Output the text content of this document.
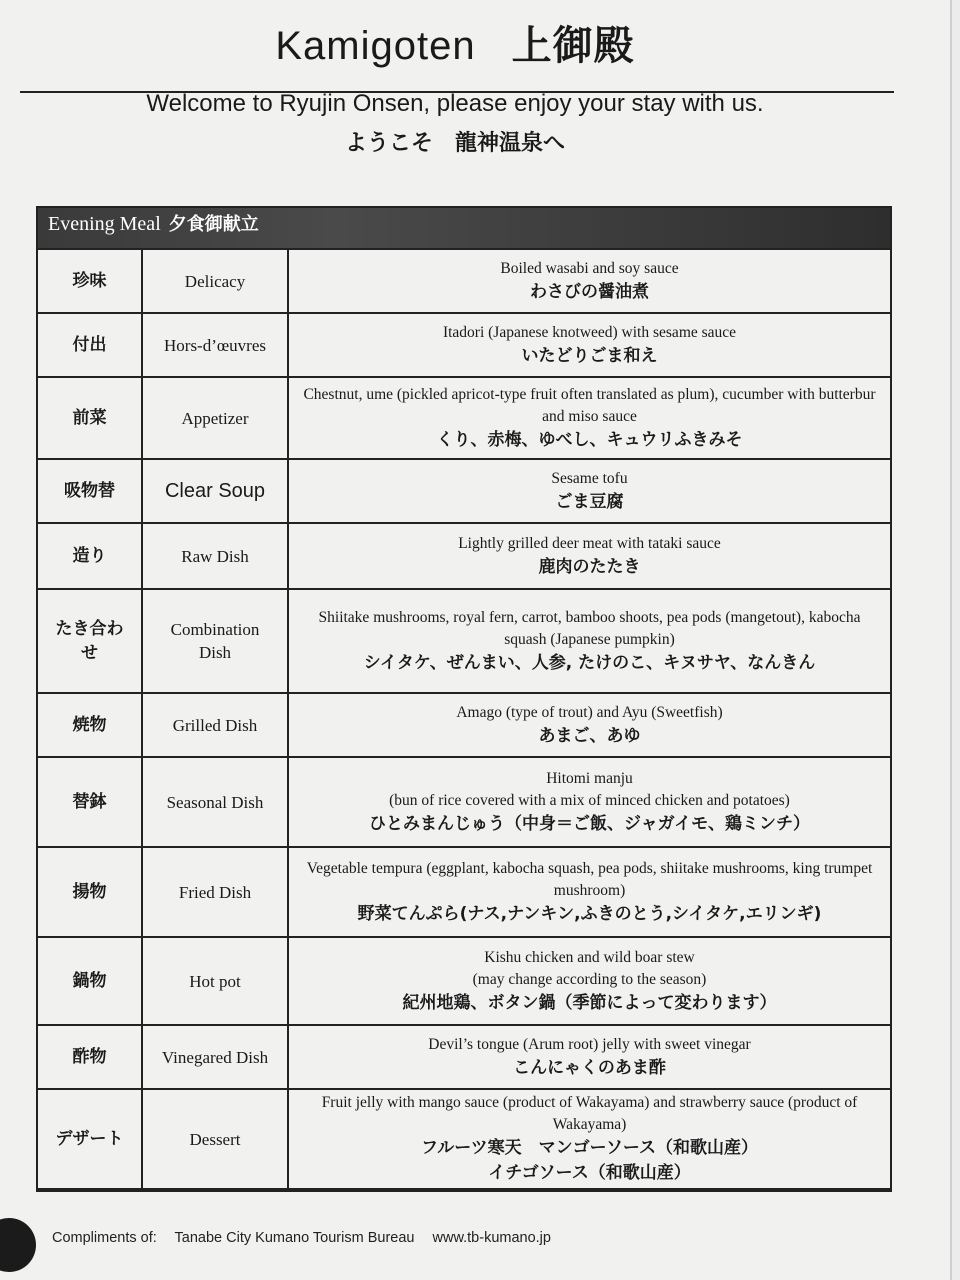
Kamigoten 上御殿
Welcome to Ryujin Onsen, please enjoy your stay with us.
ようこそ　龍神温泉へ
Evening Meal 夕食御献立
珍味	Delicacy	Boiled wasabi and soy sauce
わさびの醤油煮

付出	Hors-d’œuvres	Itadori (Japanese knotweed) with sesame sauce
いたどりごま和え

前菜	Appetizer	Chestnut, ume (pickled apricot-type fruit often translated as plum), cucumber with butterbur and miso sauce
くり、赤梅、ゆべし、キュウリふきみそ

吸物替	Clear Soup	Sesame tofu
ごま豆腐

造り	Raw Dish	Lightly grilled deer meat with tataki sauce
鹿肉のたたき

たき合わせ	Combination Dish	Shiitake mushrooms, royal fern, carrot, bamboo shoots, pea pods (mangetout), kabocha squash (Japanese pumpkin)
シイタケ、ぜんまい、人参, たけのこ、キヌサヤ、なんきん

焼物	Grilled Dish	Amago (type of trout) and Ayu (Sweetfish)
あまご、あゆ

替鉢	Seasonal Dish	Hitomi manju
(bun of rice covered with a mix of minced chicken and potatoes)
ひとみまんじゅう（中身＝ご飯、ジャガイモ、鶏ミンチ）

揚物	Fried Dish	Vegetable tempura (eggplant, kabocha squash, pea pods, shiitake mushrooms, king trumpet mushroom)
野菜てんぷら(ナス,ナンキン,ふきのとう,シイタケ,エリンギ)

鍋物	Hot pot	Kishu chicken and wild boar stew
(may change according to the season)
紀州地鶏、ボタン鍋（季節によって変わります）

酢物	Vinegared Dish	Devil’s tongue (Arum root) jelly with sweet vinegar
こんにゃくのあま酢

デザート	Dessert	Fruit jelly with mango sauce (product of Wakayama) and strawberry sauce (product of Wakayama)
フルーツ寒天　マンゴーソース（和歌山産）
イチゴソース（和歌山産）
Compliments of: Tanabe City Kumano Tourism Bureau www.tb-kumano.jp
